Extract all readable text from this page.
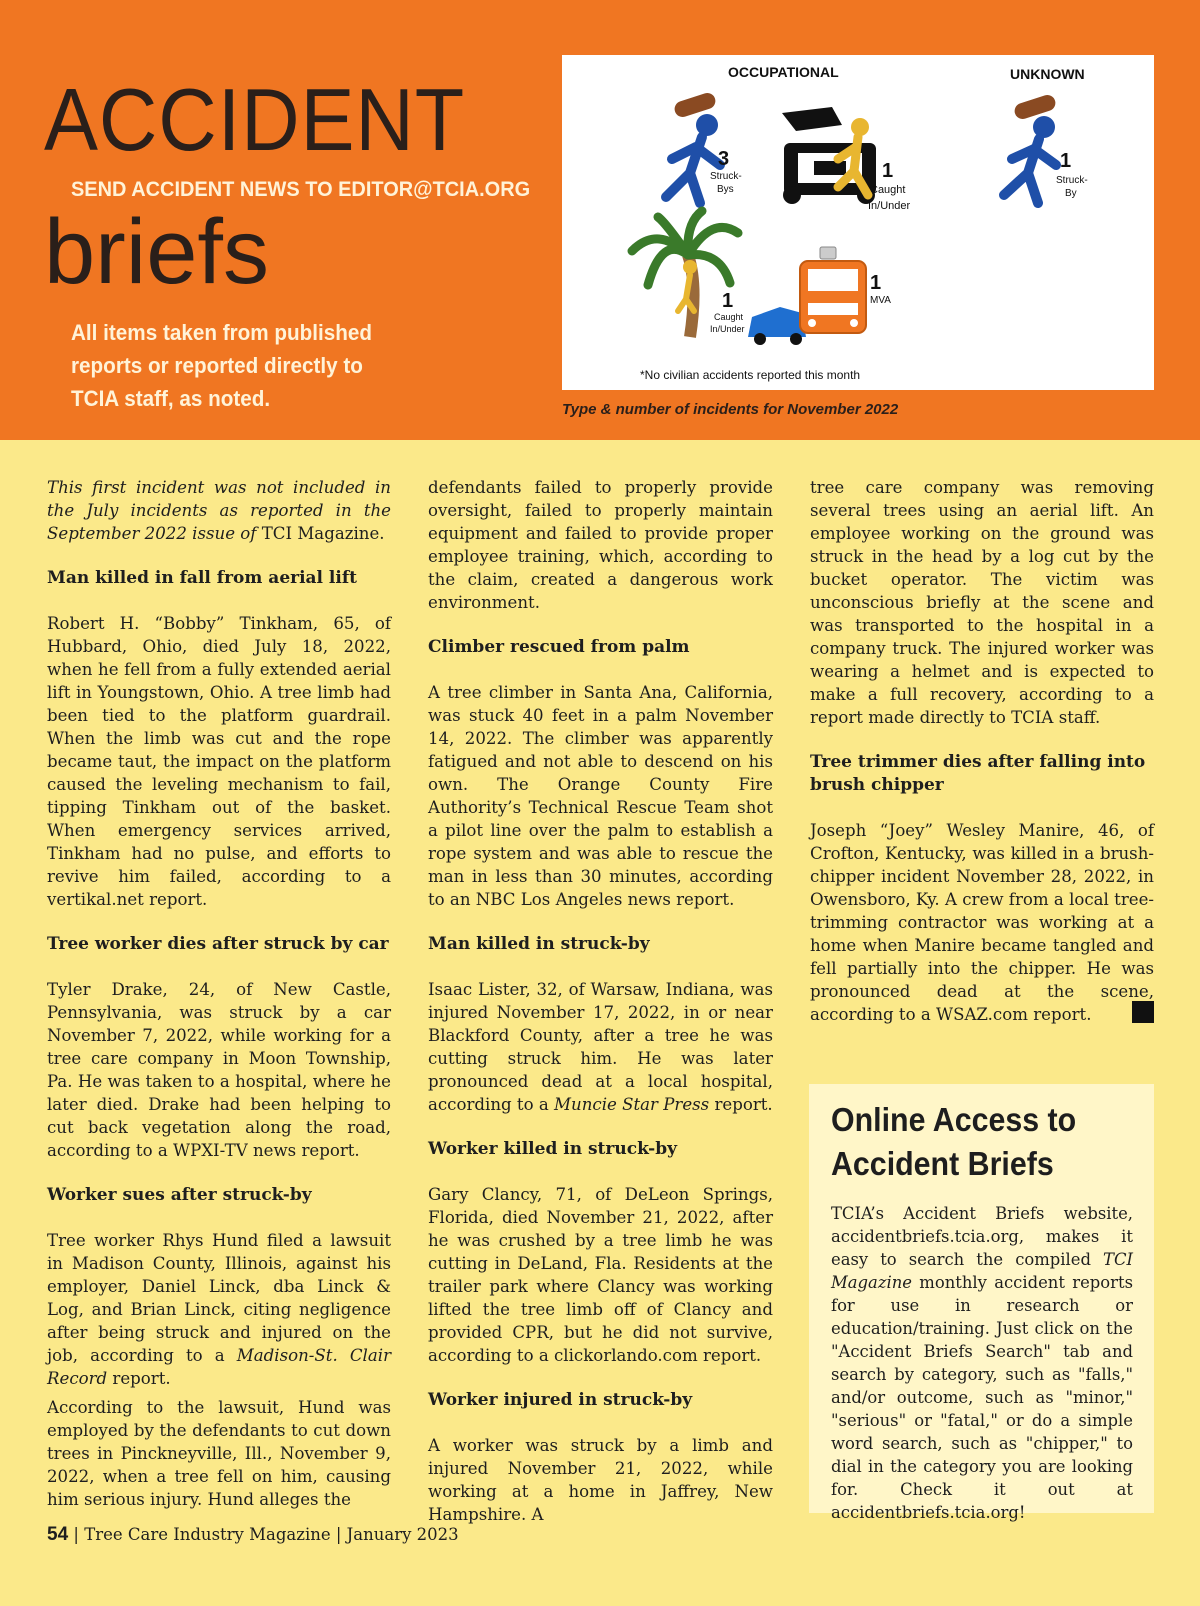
ACCIDENT
SEND ACCIDENT NEWS TO EDITOR@TCIA.ORG
briefs
All items taken from published reports or reported directly to TCIA staff, as noted.
OCCUPATIONAL	UNKNOWN
3
Struck-
Bys
1
Caught
In/Under
1
Struck-
By
1
Caught
In/Under
1
MVA
*No civilian accidents reported this month
Type & number of incidents for November 2022

This first incident was not included in the July incidents as reported in the September 2022 issue of TCI Magazine.

Man killed in fall from aerial lift

Robert H. “Bobby” Tinkham, 65, of Hubbard, Ohio, died July 18, 2022, when he fell from a fully extended aerial lift in Youngstown, Ohio. A tree limb had been tied to the platform guardrail. When the limb was cut and the rope became taut, the impact on the platform caused the leveling mechanism to fail, tipping Tinkham out of the basket. When emergency services arrived, Tinkham had no pulse, and efforts to revive him failed, according to a vertikal.net report.

Tree worker dies after struck by car

Tyler Drake, 24, of New Castle, Pennsylvania, was struck by a car November 7, 2022, while working for a tree care company in Moon Township, Pa. He was taken to a hospital, where he later died. Drake had been helping to cut back vegetation along the road, according to a WPXI-TV news report.

Worker sues after struck-by

Tree worker Rhys Hund filed a lawsuit in Madison County, Illinois, against his employer, Daniel Linck, dba Linck & Log, and Brian Linck, citing negligence after being struck and injured on the job, according to a Madison-St. Clair Record report.

According to the lawsuit, Hund was employed by the defendants to cut down trees in Pinckneyville, Ill., November 9, 2022, when a tree fell on him, causing him serious injury. Hund alleges the

defendants failed to properly provide oversight, failed to properly maintain equipment and failed to provide proper employee training, which, according to the claim, created a dangerous work environment.

Climber rescued from palm

A tree climber in Santa Ana, California, was stuck 40 feet in a palm November 14, 2022. The climber was apparently fatigued and not able to descend on his own. The Orange County Fire Authority’s Technical Rescue Team shot a pilot line over the palm to establish a rope system and was able to rescue the man in less than 30 minutes, according to an NBC Los Angeles news report.

Man killed in struck-by

Isaac Lister, 32, of Warsaw, Indiana, was injured November 17, 2022, in or near Blackford County, after a tree he was cutting struck him. He was later pronounced dead at a local hospital, according to a Muncie Star Press report.

Worker killed in struck-by

Gary Clancy, 71, of DeLeon Springs, Florida, died November 21, 2022, after he was crushed by a tree limb he was cutting in DeLand, Fla. Residents at the trailer park where Clancy was working lifted the tree limb off of Clancy and provided CPR, but he did not survive, according to a clickorlando.com report.

Worker injured in struck-by

A worker was struck by a limb and injured November 21, 2022, while working at a home in Jaffrey, New Hampshire. A

tree care company was removing several trees using an aerial lift. An employee working on the ground was struck in the head by a log cut by the bucket operator. The victim was unconscious briefly at the scene and was transported to the hospital in a company truck. The injured worker was wearing a helmet and is expected to make a full recovery, according to a report made directly to TCIA staff.

Tree trimmer dies after falling into brush chipper

Joseph “Joey” Wesley Manire, 46, of Crofton, Kentucky, was killed in a brush-chipper incident November 28, 2022, in Owensboro, Ky. A crew from a local tree-trimming contractor was working at a home when Manire became tangled and fell partially into the chipper. He was pronounced dead at the scene, according to a WSAZ.com report.

Online Access to Accident Briefs

TCIA’s Accident Briefs website, accidentbriefs.tcia.org, makes it easy to search the compiled TCI Magazine monthly accident reports for use in research or education/training. Just click on the "Accident Briefs Search" tab and search by category, such as "falls," and/or outcome, such as "minor," "serious" or "fatal," or do a simple word search, such as "chipper," to dial in the category you are looking for. Check it out at accidentbriefs.tcia.org!

54 | Tree Care Industry Magazine | January 2023
